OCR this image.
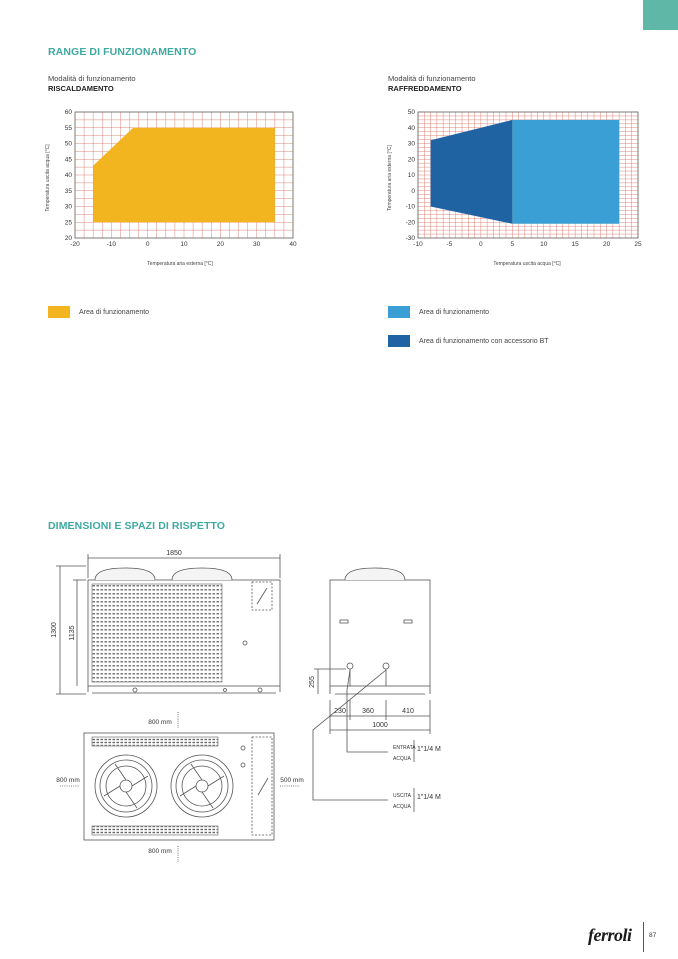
RANGE DI FUNZIONAMENTO
Modalità di funzionamento
RISCALDAMENTO
Modalità di funzionamento
RAFFREDDAMENTO
-20	-10	0	10	20	30	40
20
25
30
35
40
45
50
55
60
Temperatura aria esterna [°C]
Temperatura uscita acqua [°C]
-10	-5	0	5	10	15	20	25
-30
-20
-10
0
10
20
30
40
50
Temperatura uscita acqua [°C]
Temperatura aria esterna [°C]
Area di funzionamento	Area di funzionamento
Area di funzionamento con accessorio BT
DIMENSIONI E SPAZI DI RISPETTO
1850
1300 1135
255
230 360	410
1000
800 mm
800 mm	500 mm
800 mm
ENTRATA
ACQUA
1"1/4 M
USCITA
ACQUA
1"1/4 M
ferroli	87
